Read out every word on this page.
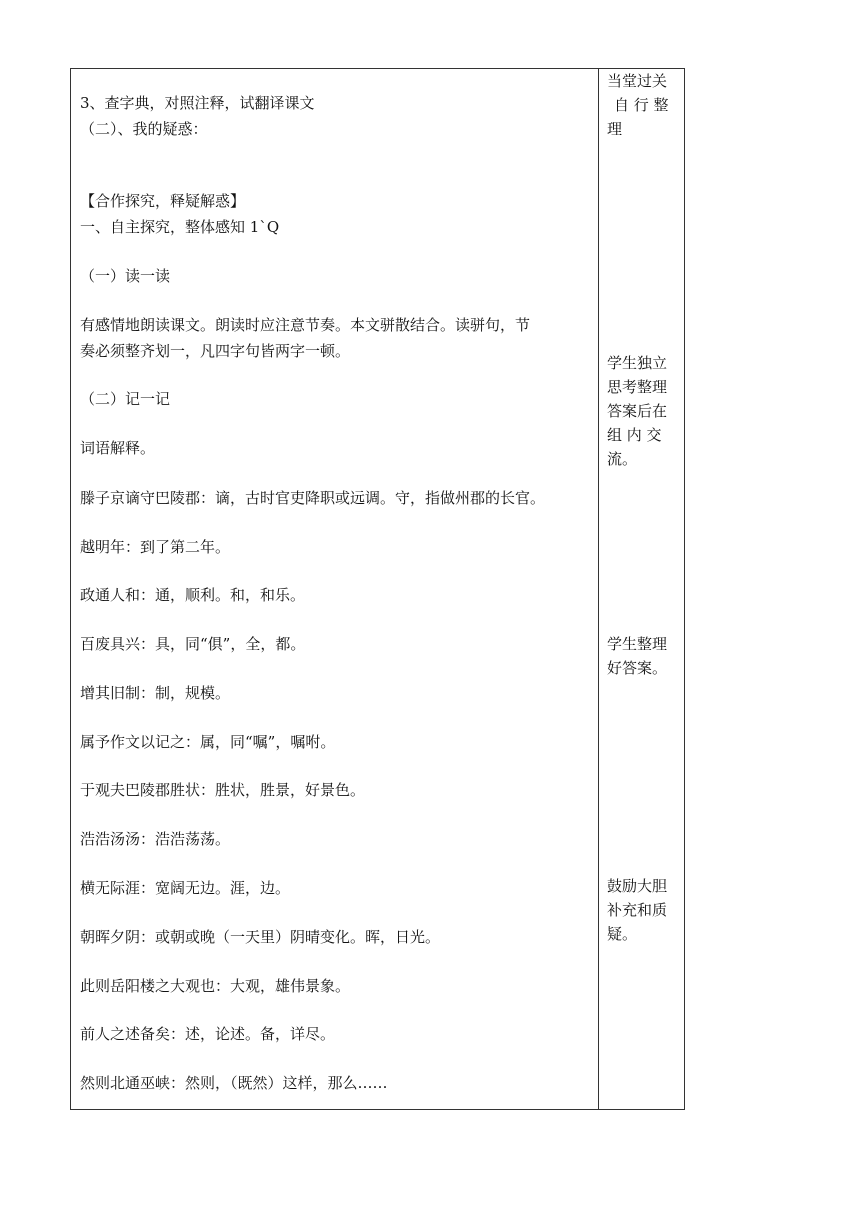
3、查字典，对照注释，试翻译课文
（二）、我的疑惑：
【合作探究，释疑解惑】
一、自主探究，整体感知 1`Q
（一）读一读
有感情地朗读课文。朗读时应注意节奏。本文骈散结合。读骈句，节
奏必须整齐划一，凡四字句皆两字一顿。
（二）记一记
词语解释。
滕子京谪守巴陵郡：谪，古时官吏降职或远调。守，指做州郡的长官。
越明年：到了第二年。
政通人和：通，顺利。和，和乐。
百废具兴：具，同“俱”，全，都。
增其旧制：制，规模。
属予作文以记之：属，同“嘱”，嘱咐。
于观夫巴陵郡胜状：胜状，胜景，好景色。
浩浩汤汤：浩浩荡荡。
横无际涯：宽阔无边。涯，边。
朝晖夕阴：或朝或晚（一天里）阴晴变化。晖，日光。
此则岳阳楼之大观也：大观，雄伟景象。
前人之述备矣：述，论述。备，详尽。
然则北通巫峡：然则，（既然）这样，那么……
当堂过关
自 行 整
理
学生独立
思考整理
答案后在
组 内 交
流。
学生整理
好答案。
鼓励大胆
补充和质
疑。
